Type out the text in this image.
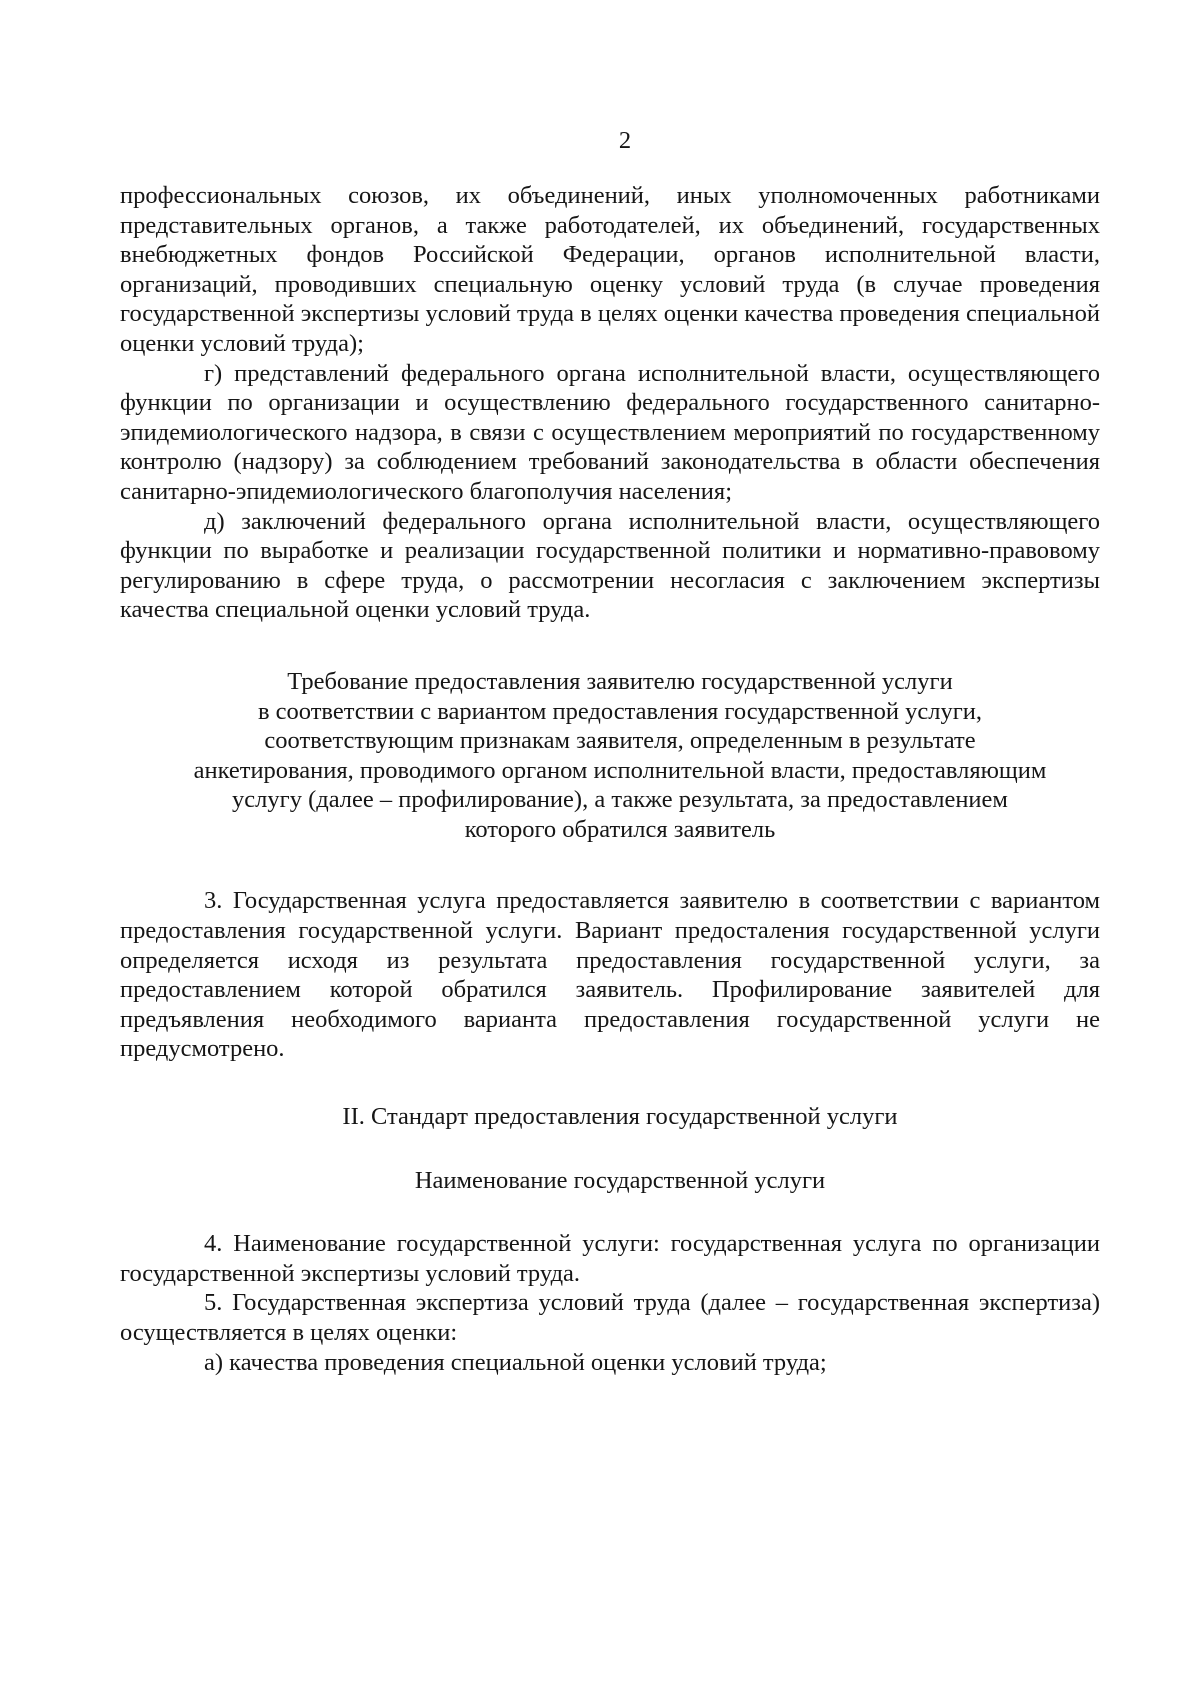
2

профессиональных союзов, их объединений, иных уполномоченных работниками представительных органов, а также работодателей, их объединений, государственных внебюджетных фондов Российской Федерации, органов исполнительной власти, организаций, проводивших специальную оценку условий труда (в случае проведения государственной экспертизы условий труда в целях оценки качества проведения специальной оценки условий труда);

г) представлений федерального органа исполнительной власти, осуществляющего функции по организации и осуществлению федерального государственного санитарно-эпидемиологического надзора, в связи с осуществлением мероприятий по государственному контролю (надзору) за соблюдением требований законодательства в области обеспечения санитарно-эпидемиологического благополучия населения;

д) заключений федерального органа исполнительной власти, осуществляющего функции по выработке и реализации государственной политики и нормативно-правовому регулированию в сфере труда, о рассмотрении несогласия с заключением экспертизы качества специальной оценки условий труда.

Требование предоставления заявителю государственной услуги
в соответствии с вариантом предоставления государственной услуги,
соответствующим признакам заявителя, определенным в результате
анкетирования, проводимого органом исполнительной власти, предоставляющим
услугу (далее – профилирование), а также результата, за предоставлением
которого обратился заявитель

3. Государственная услуга предоставляется заявителю в соответствии с вариантом предоставления государственной услуги. Вариант предосталения государственной услуги определяется исходя из результата предоставления государственной услуги, за предоставлением которой обратился заявитель. Профилирование заявителей для предъявления необходимого варианта предоставления государственной услуги не предусмотрено.

II. Стандарт предоставления государственной услуги
Наименование государственной услуги

4. Наименование государственной услуги: государственная услуга по организации государственной экспертизы условий труда.

5. Государственная экспертиза условий труда (далее – государственная экспертиза) осуществляется в целях оценки:

а) качества проведения специальной оценки условий труда;
